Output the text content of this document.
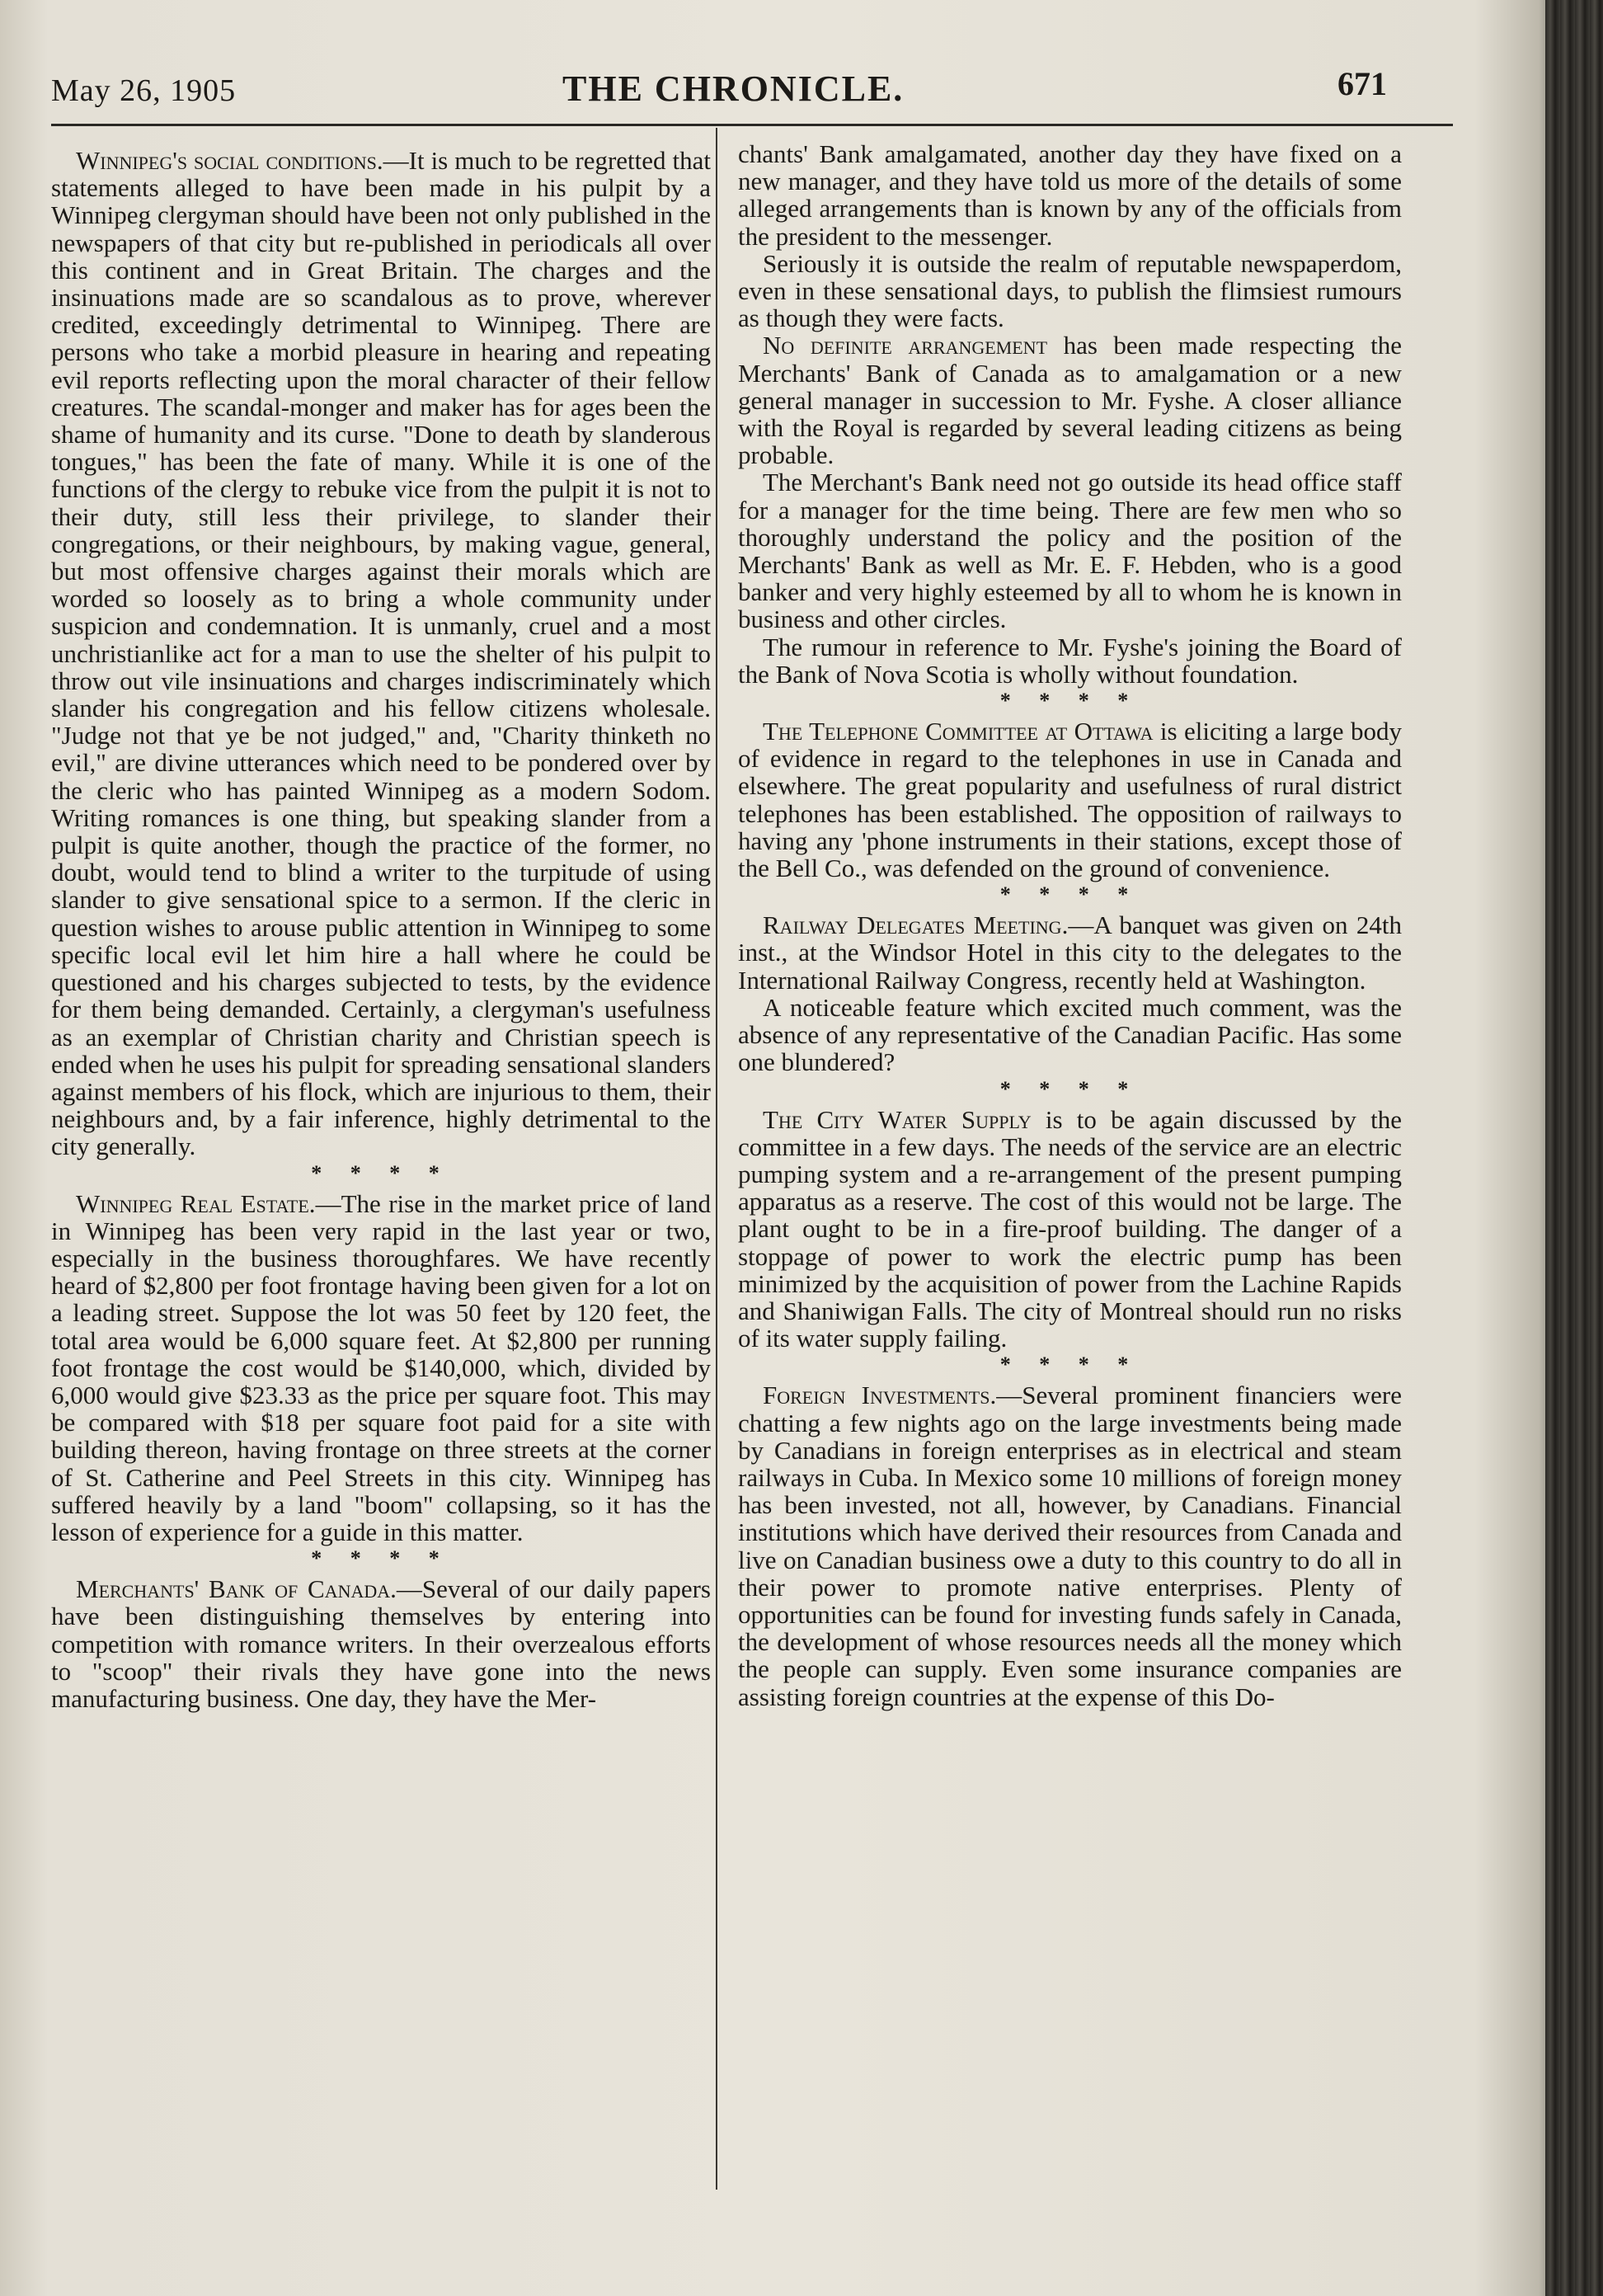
May 26, 1905	THE CHRONICLE.	671

Winnipeg's social conditions.—It is much to be regretted that statements alleged to have been made in his pulpit by a Winnipeg clergyman should have been not only published in the newspapers of that city but re-published in periodicals all over this continent and in Great Britain. The charges and the insinuations made are so scandalous as to prove, wherever credited, exceedingly detrimental to Winnipeg. There are persons who take a morbid pleasure in hearing and repeating evil reports reflecting upon the moral character of their fellow creatures. The scandal-monger and maker has for ages been the shame of humanity and its curse. "Done to death by slanderous tongues," has been the fate of many. While it is one of the functions of the clergy to rebuke vice from the pulpit it is not to their duty, still less their privilege, to slander their congregations, or their neighbours, by making vague, general, but most offensive charges against their morals which are worded so loosely as to bring a whole community under suspicion and condemnation. It is unmanly, cruel and a most unchristianlike act for a man to use the shelter of his pulpit to throw out vile insinuations and charges indiscriminately which slander his congregation and his fellow citizens wholesale. "Judge not that ye be not judged," and, "Charity thinketh no evil," are divine utterances which need to be pondered over by the cleric who has painted Winnipeg as a modern Sodom. Writing romances is one thing, but speaking slander from a pulpit is quite another, though the practice of the former, no doubt, would tend to blind a writer to the turpitude of using slander to give sensational spice to a sermon. If the cleric in question wishes to arouse public attention in Winnipeg to some specific local evil let him hire a hall where he could be questioned and his charges subjected to tests, by the evidence for them being demanded. Certainly, a clergyman's usefulness as an exemplar of Christian charity and Christian speech is ended when he uses his pulpit for spreading sensational slanders against members of his flock, which are injurious to them, their neighbours and, by a fair inference, highly detrimental to the city generally.

* * * *

Winnipeg Real Estate.—The rise in the market price of land in Winnipeg has been very rapid in the last year or two, especially in the business thoroughfares. We have recently heard of $2,800 per foot frontage having been given for a lot on a leading street. Suppose the lot was 50 feet by 120 feet, the total area would be 6,000 square feet. At $2,800 per running foot frontage the cost would be $140,000, which, divided by 6,000 would give $23.33 as the price per square foot. This may be compared with $18 per square foot paid for a site with building thereon, having frontage on three streets at the corner of St. Catherine and Peel Streets in this city. Winnipeg has suffered heavily by a land "boom" collapsing, so it has the lesson of experience for a guide in this matter.

* * * *

Merchants' Bank of Canada.—Several of our daily papers have been distinguishing themselves by entering into competition with romance writers. In their overzealous efforts to "scoop" their rivals they have gone into the news manufacturing business. One day, they have the Mer-

chants' Bank amalgamated, another day they have fixed on a new manager, and they have told us more of the details of some alleged arrangements than is known by any of the officials from the president to the messenger.

Seriously it is outside the realm of reputable newspaperdom, even in these sensational days, to publish the flimsiest rumours as though they were facts.

No definite arrangement has been made respecting the Merchants' Bank of Canada as to amalgamation or a new general manager in succession to Mr. Fyshe. A closer alliance with the Royal is regarded by several leading citizens as being probable.

The Merchant's Bank need not go outside its head office staff for a manager for the time being. There are few men who so thoroughly understand the policy and the position of the Merchants' Bank as well as Mr. E. F. Hebden, who is a good banker and very highly esteemed by all to whom he is known in business and other circles.

The rumour in reference to Mr. Fyshe's joining the Board of the Bank of Nova Scotia is wholly without foundation.

* * * *

The Telephone Committee at Ottawa is eliciting a large body of evidence in regard to the telephones in use in Canada and elsewhere. The great popularity and usefulness of rural district telephones has been established. The opposition of railways to having any 'phone instruments in their stations, except those of the Bell Co., was defended on the ground of convenience.

* * * *

Railway Delegates Meeting.—A banquet was given on 24th inst., at the Windsor Hotel in this city to the delegates to the International Railway Congress, recently held at Washington.

A noticeable feature which excited much comment, was the absence of any representative of the Canadian Pacific. Has some one blundered?

* * * *

The City Water Supply is to be again discussed by the committee in a few days. The needs of the service are an electric pumping system and a re-arrangement of the present pumping apparatus as a reserve. The cost of this would not be large. The plant ought to be in a fire-proof building. The danger of a stoppage of power to work the electric pump has been minimized by the acquisition of power from the Lachine Rapids and Shaniwigan Falls. The city of Montreal should run no risks of its water supply failing.

* * * *

Foreign Investments.—Several prominent financiers were chatting a few nights ago on the large investments being made by Canadians in foreign enterprises as in electrical and steam railways in Cuba. In Mexico some 10 millions of foreign money has been invested, not all, however, by Canadians. Financial institutions which have derived their resources from Canada and live on Canadian business owe a duty to this country to do all in their power to promote native enterprises. Plenty of opportunities can be found for investing funds safely in Canada, the development of whose resources needs all the money which the people can supply. Even some insurance companies are assisting foreign countries at the expense of this Do-
